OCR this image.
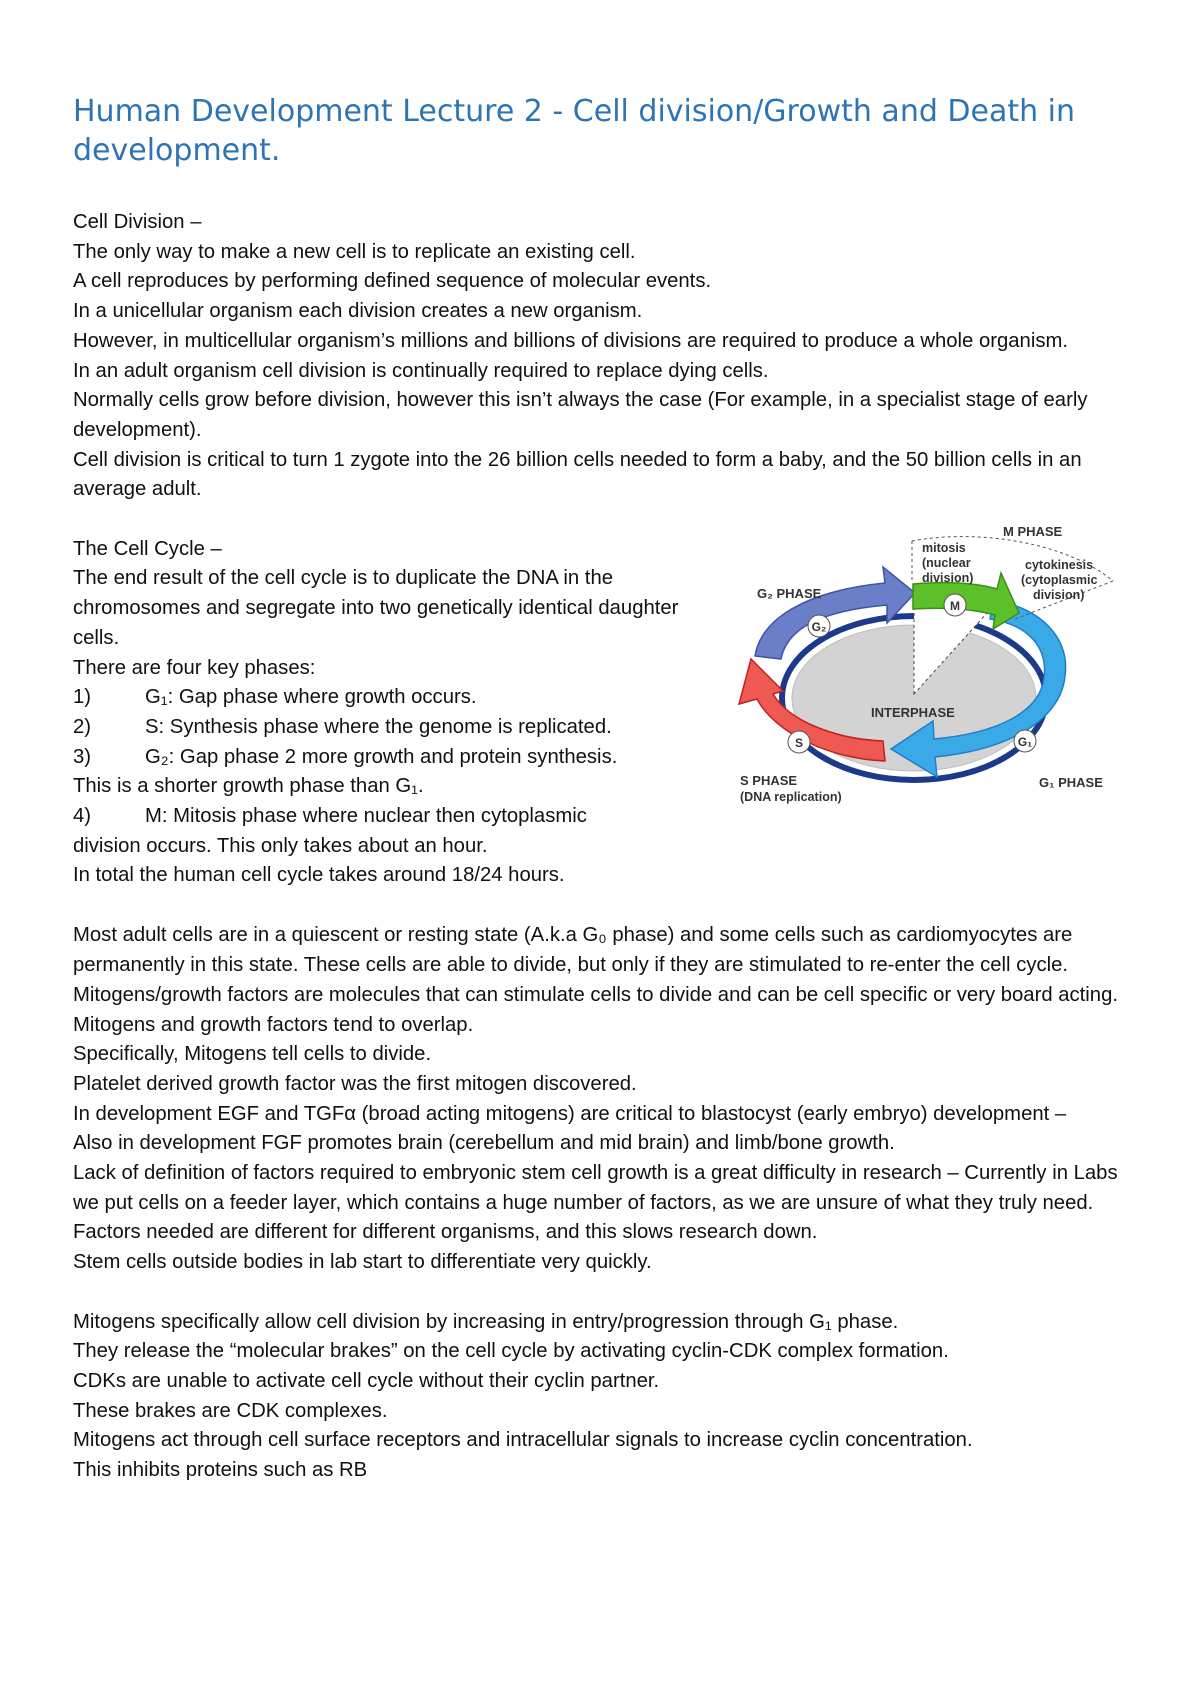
Human Development Lecture 2 - Cell division/Growth and Death in development.

Cell Division –

The only way to make a new cell is to replicate an existing cell.

A cell reproduces by performing defined sequence of molecular events.

In a unicellular organism each division creates a new organism.

However, in multicellular organism’s millions and billions of divisions are required to produce a whole organism.

In an adult organism cell division is continually required to replace dying cells.

Normally cells grow before division, however this isn’t always the case (For example, in a specialist stage of early development).

Cell division is critical to turn 1 zygote into the 26 billion cells needed to form a baby, and the 50 billion cells in an average adult.

The Cell Cycle –

The end result of the cell cycle is to duplicate the DNA in the chromosomes and segregate into two genetically identical daughter cells.

There are four key phases:

1)	G₁: Gap phase where growth occurs.
2)	S: Synthesis phase where the genome is replicated.
3)	G₂: Gap phase 2 more growth and protein synthesis.

This is a shorter growth phase than G₁.

4)	M: Mitosis phase where nuclear then cytoplasmic

division occurs. This only takes about an hour.

In total the human cell cycle takes around 18/24 hours.

M PHASE
mitosis
(nuclear
division)
cytokinesis
(cytoplasmic
division)
G₂ PHASE
INTERPHASE
G₁ PHASE
S PHASE
(DNA replication)
G₂
M
S	G₁

Most adult cells are in a quiescent or resting state (A.k.a G₀ phase) and some cells such as cardiomyocytes are permanently in this state. These cells are able to divide, but only if they are stimulated to re-enter the cell cycle.

Mitogens/growth factors are molecules that can stimulate cells to divide and can be cell specific or very board acting. Mitogens and growth factors tend to overlap.

Specifically, Mitogens tell cells to divide.

Platelet derived growth factor was the first mitogen discovered.

In development EGF and TGFα (broad acting mitogens) are critical to blastocyst (early embryo) development –

Also in development FGF promotes brain (cerebellum and mid brain) and limb/bone growth.

Lack of definition of factors required to embryonic stem cell growth is a great difficulty in research – Currently in Labs we put cells on a feeder layer, which contains a huge number of factors, as we are unsure of what they truly need.

Factors needed are different for different organisms, and this slows research down.

Stem cells outside bodies in lab start to differentiate very quickly.

Mitogens specifically allow cell division by increasing in entry/progression through G₁ phase.

They release the “molecular brakes” on the cell cycle by activating cyclin-CDK complex formation.

CDKs are unable to activate cell cycle without their cyclin partner.

These brakes are CDK complexes.

Mitogens act through cell surface receptors and intracellular signals to increase cyclin concentration.

This inhibits proteins such as RB
